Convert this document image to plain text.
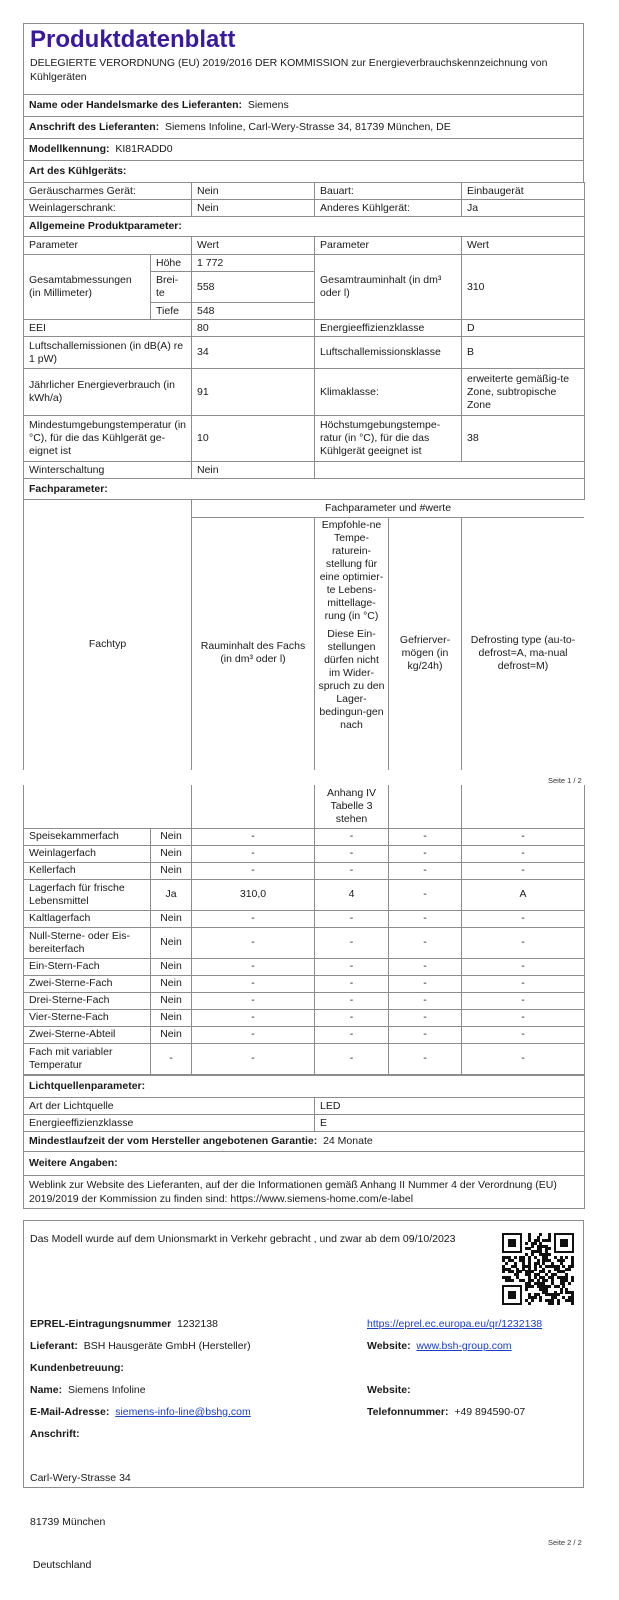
Produktdatenblatt
DELEGIERTE VERORDNUNG (EU) 2019/2016 DER KOMMISSION zur Energieverbrauchskennzeichnung von Kühlgeräten
Name oder Handelsmarke des Lieferanten: Siemens
Anschrift des Lieferanten: Siemens Infoline, Carl-Wery-Strasse 34, 81739 München, DE
Modellkennung: KI81RADD0
Art des Kühlgeräts:
Geräuscharmes Gerät:	Nein	Bauart:	Einbaugerät
Weinlagerschrank:	Nein	Anderes Kühlgerät:	Ja
Allgemeine Produktparameter:			
Parameter		Wert	Parameter	Wert
Gesamtabmessungen (in Millimeter)	Höhe	1 772	Gesamtrauminhalt (in dm³ oder l)	310
	Brei-te	558		
	Tiefe	548		
EEI		80	Energieeffizienzklasse	D
Luftschallemissionen (in dB(A) re 1 pW)		34	Luftschallemissionsklasse	B
Jährlicher Energieverbrauch (in kWh/a)		91	Klimaklasse:	erweiterte gemäßig-te Zone, subtropische Zone
Mindestumgebungstemperatur (in °C), für die das Kühlgerät ge-eignet ist		10	Höchstumgebungstempe-ratur (in °C), für die das Kühlgerät geeignet ist	38
Winterschaltung		Nein		
Fachparameter:				
Fachtyp	Fachparameter und #werte			
	Rauminhalt des Fachs (in dm³ oder l)	Empfohle-ne Tempe-raturein-stellung für eine optimier-te Lebens-mittellage-rung (in °C)
Diese Ein-stellungen dürfen nicht im Wider-spruch zu den Lager-bedingun-gen nach	Gefrierver-mögen (in kg/24h)	Defrosting type (au-to-defrost=A, ma-nual defrost=M)
Seite 1 / 2
			Anhang IV Tabelle 3 stehen		
Speisekammerfach	Nein	-	-	-	-
Weinlagerfach	Nein	-	-	-	-
Kellerfach	Nein	-	-	-	-
Lagerfach für frische Lebensmittel	Ja	310,0	4	-	A
Kaltlagerfach	Nein	-	-	-	-
Null-Sterne- oder Eis-bereiterfach	Nein	-	-	-	-
Ein-Stern-Fach	Nein	-	-	-	-
Zwei-Sterne-Fach	Nein	-	-	-	-
Drei-Sterne-Fach	Nein	-	-	-	-
Vier-Sterne-Fach	Nein	-	-	-	-
Zwei-Sterne-Abteil	Nein	-	-	-	-
Fach mit variabler Temperatur	-	-	-	-	-
Lichtquellenparameter:	
Art der Lichtquelle	LED
Energieeffizienzklasse	E
Mindestlaufzeit der vom Hersteller angebotenen Garantie: 24 Monate	
Weitere Angaben:	
Weblink zur Website des Lieferanten, auf der die Informationen gemäß Anhang II Nummer 4 der Verordnung (EU) 2019/2019 der Kommission zu finden sind: https://www.siemens-home.com/e-label	
Das Modell wurde auf dem Unionsmarkt in Verkehr gebracht , und zwar ab dem 09/10/2023
EPREL-Eintragungsnummer 1232138	https://eprel.ec.europa.eu/qr/1232138
Lieferant: BSH Hausgeräte GmbH (Hersteller)	Website: www.bsh-group.com
Kundenbetreuung:
Name: Siemens Infoline	Website:
E-Mail-Adresse: siemens-info-line@bshg.com	Telefonnummer: +49 894590-07
Anschrift:

Carl-Wery-Strasse 34

81739 München

Deutschland

Seite 2 / 2
